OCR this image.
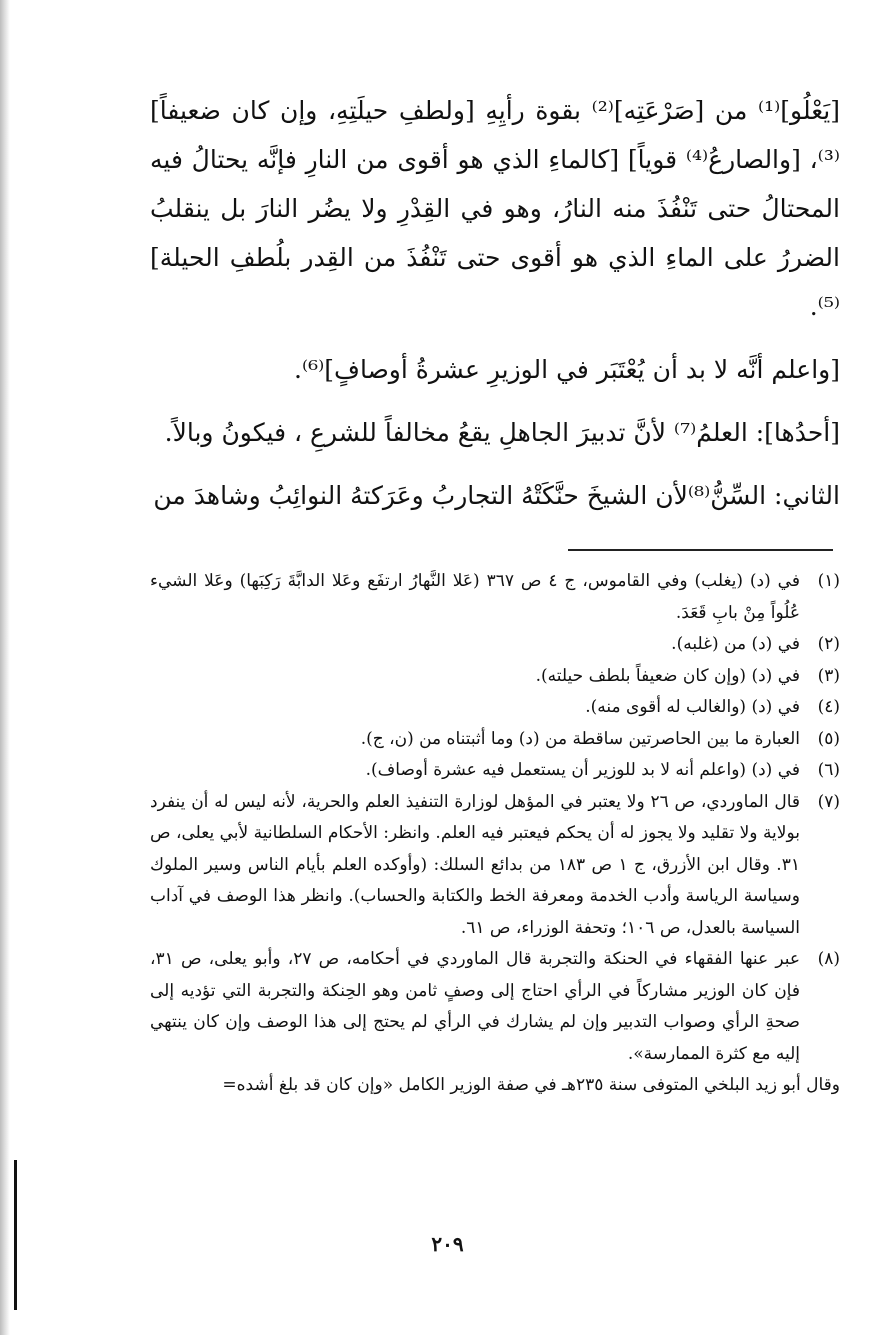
[يَعْلُو]⁽¹⁾ من [صَرْعَتِه]⁽²⁾ بقوة رأيِهِ [ولطفِ حيلَتِهِ، وإن كان ضعيفاً]⁽³⁾، [والصارعُ⁽⁴⁾ قوياً] [كالماءِ الذي هو أقوى من النارِ فإنَّه يحتالُ فيه المحتالُ حتى تَنْفُذَ منه النارُ، وهو في القِدْرِ ولا يضُر النارَ بل ينقلبُ الضررُ على الماءِ الذي هو أقوى حتى تَنْفُذَ من القِدر بلُطفِ الحيلة]⁽⁵⁾.

[واعلم أنَّه لا بد أن يُعْتَبَر في الوزيرِ عشرةُ أوصافٍ]⁽⁶⁾.

[أحدُها]: العلمُ⁽⁷⁾ لأنَّ تدبيرَ الجاهلِ يقعُ مخالفاً للشرعِ ، فيكونُ وبالاً.

الثاني: السِّنُّ⁽⁸⁾لأن الشيخَ حنَّكَتْهُ التجاربُ وعَرَكتهُ النوائِبُ وشاهدَ من

(١)
في (د) (يغلب) وفي القاموس، ج ٤ ص ٣٦٧ (عَلا النَّهارُ ارتفَع وعَلا الدابَّةَ رَكِبَها) وعَلا الشيء عُلُواً مِنْ بابِ قَعَدَ.
(٢)
في (د) من (غلبه).
(٣)
في (د) (وإن كان ضعيفاً بلطف حيلته).
(٤)
في (د) (والغالب له أقوى منه).
(٥)
العبارة ما بين الحاصرتين ساقطة من (د) وما أثبتناه من (ن، ج).
(٦)
في (د) (واعلم أنه لا بد للوزير أن يستعمل فيه عشرة أوصاف).
(٧)
قال الماوردي، ص ٢٦ ولا يعتبر في المؤهل لوزارة التنفيذ العلم والحرية، لأنه ليس له أن ينفرد بولاية ولا تقليد ولا يجوز له أن يحكم فيعتبر فيه العلم. وانظر: الأحكام السلطانية لأبي يعلى، ص ٣١. وقال ابن الأزرق، ج ١ ص ١٨٣ من بدائع السلك: (وأوكده العلم بأيام الناس وسير الملوك وسياسة الرياسة وأدب الخدمة ومعرفة الخط والكتابة والحساب). وانظر هذا الوصف في آداب السياسة بالعدل، ص ١٠٦؛ وتحفة الوزراء، ص ٦١.
(٨)
عبر عنها الفقهاء في الحنكة والتجربة قال الماوردي في أحكامه، ص ٢٧، وأبو يعلى، ص ٣١، فإن كان الوزير مشاركاً في الرأي احتاج إلى وصفٍ ثامن وهو الحِنكة والتجربة التي تؤديه إلى صحةِ الرأي وصواب التدبير وإن لم يشارك في الرأي لم يحتج إلى هذا الوصف وإن كان ينتهي إليه مع كثرة الممارسة».
وقال أبو زيد البلخي المتوفى سنة ٢٣٥هـ في صفة الوزير الكامل «وإن كان قد بلغ أشده=
٢٠٩
